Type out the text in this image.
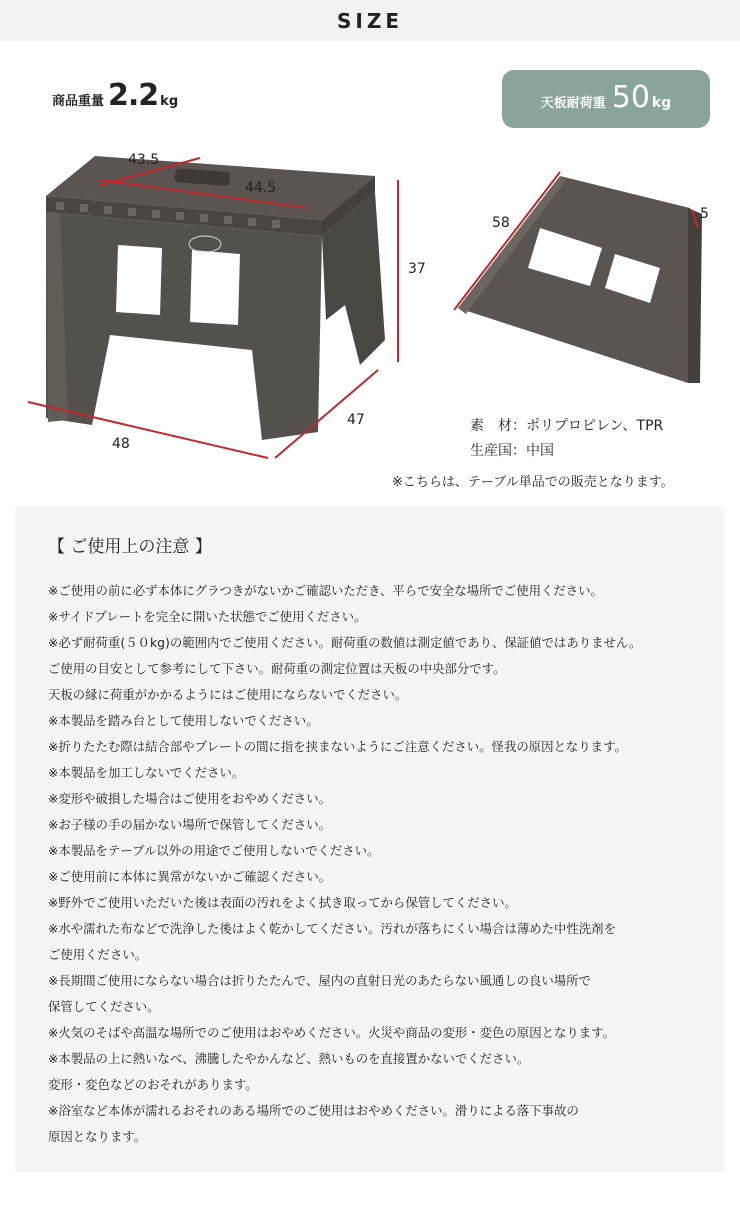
SIZE
商品重量 2.2 kg	天板耐荷重 50 kg
43.5
44.5
37
48
47
58
5
素　材：ポリプロピレン、TPR
生産国：中国
※こちらは、テーブル単品での販売となります。
【 ご使用上の注意 】
※ご使用の前に必ず本体にグラつきがないかご確認いただき、平らで安全な場所でご使用ください。
※サイドプレートを完全に開いた状態でご使用ください。
※必ず耐荷重(５０kg)の範囲内でご使用ください。耐荷重の数値は測定値であり、保証値ではありません。
ご使用の目安として参考にして下さい。耐荷重の測定位置は天板の中央部分です。
天板の縁に荷重がかかるようにはご使用にならないでください。
※本製品を踏み台として使用しないでください。
※折りたたむ際は結合部やプレートの間に指を挟まないようにご注意ください。怪我の原因となります。
※本製品を加工しないでください。
※変形や破損した場合はご使用をおやめください。
※お子様の手の届かない場所で保管してください。
※本製品をテーブル以外の用途でご使用しないでください。
※ご使用前に本体に異常がないかご確認ください。
※野外でご使用いただいた後は表面の汚れをよく拭き取ってから保管してください。
※水や濡れた布などで洗浄した後はよく乾かしてください。汚れが落ちにくい場合は薄めた中性洗剤を
ご使用ください。
※長期間ご使用にならない場合は折りたたんで、屋内の直射日光のあたらない風通しの良い場所で
保管してください。
※火気のそばや高温な場所でのご使用はおやめください。火災や商品の変形・変色の原因となります。
※本製品の上に熱いなべ、沸騰したやかんなど、熱いものを直接置かないでください。
変形・変色などのおそれがあります。
※浴室など本体が濡れるおそれのある場所でのご使用はおやめください。滑りによる落下事故の
原因となります。
